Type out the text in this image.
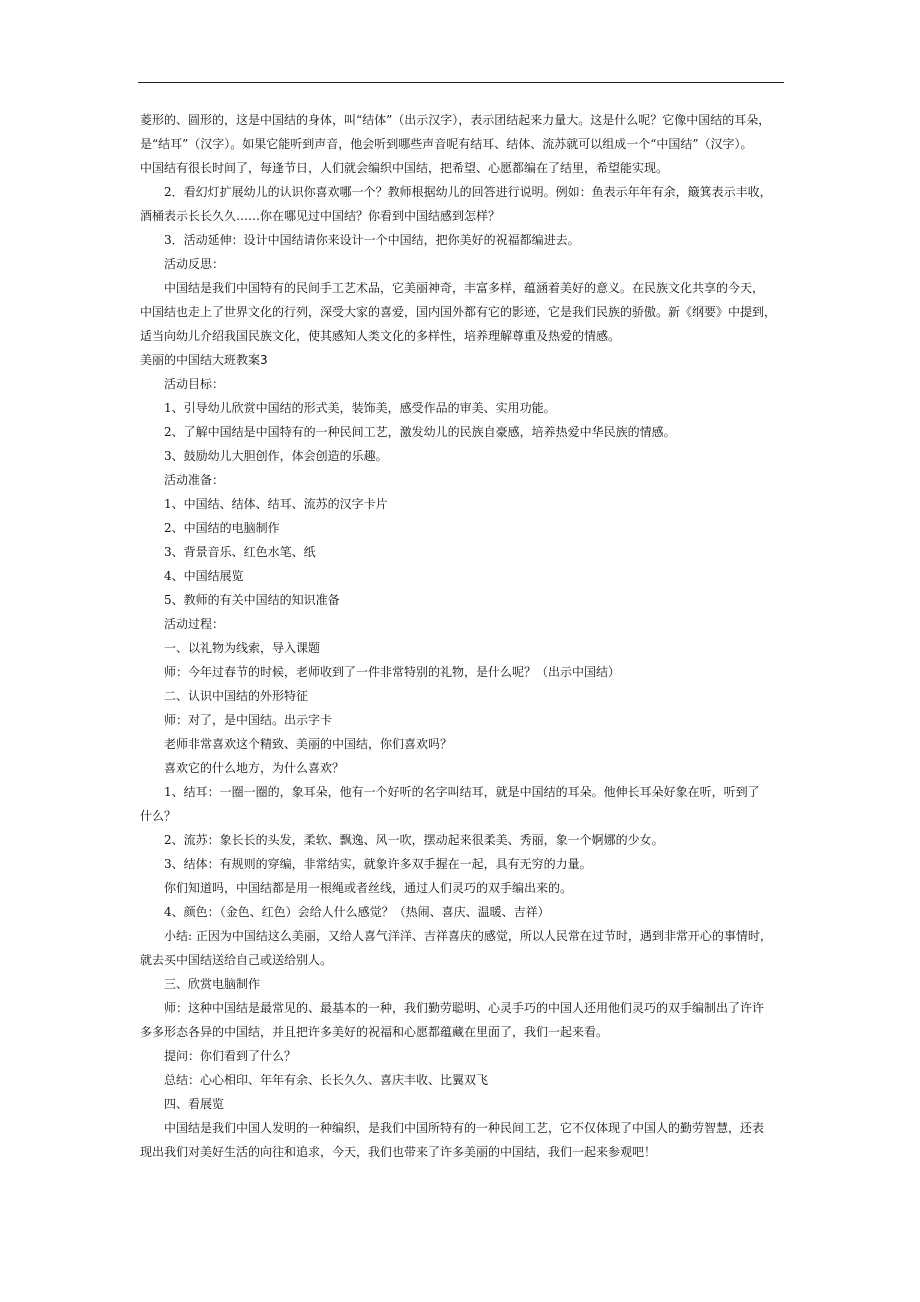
菱形的、圆形的，这是中国结的身体，叫“结体”（出示汉字），表示团结起来力量大。这是什么呢？它像中国结的耳朵，
是“结耳”（汉字）。如果它能听到声音，他会听到哪些声音呢有结耳、结体、流苏就可以组成一个“中国结”（汉字）。
中国结有很长时间了，每逢节日，人们就会编织中国结，把希望、心愿都编在了结里，希望能实现。
2．看幻灯扩展幼儿的认识你喜欢哪一个？教师根据幼儿的回答进行说明。例如：鱼表示年年有余，簸箕表示丰收，
酒桶表示长长久久……你在哪见过中国结？你看到中国结感到怎样？
3．活动延伸：设计中国结请你来设计一个中国结，把你美好的祝福都编进去。
活动反思：
中国结是我们中国特有的民间手工艺术品，它美丽神奇，丰富多样，蕴涵着美好的意义。在民族文化共享的今天，
中国结也走上了世界文化的行列，深受大家的喜爱，国内国外都有它的影迹，它是我们民族的骄傲。新《纲要》中提到，
适当向幼儿介绍我国民族文化，使其感知人类文化的多样性，培养理解尊重及热爱的情感。
美丽的中国结大班教案3
活动目标：
1、引导幼儿欣赏中国结的形式美，装饰美，感受作品的审美、实用功能。
2、了解中国结是中国特有的一种民间工艺，激发幼儿的民族自豪感，培养热爱中华民族的情感。
3、鼓励幼儿大胆创作，体会创造的乐趣。
活动准备：
1、中国结、结体、结耳、流苏的汉字卡片
2、中国结的电脑制作
3、背景音乐、红色水笔、纸
4、中国结展览
5、教师的有关中国结的知识准备
活动过程：
一、以礼物为线索，导入课题
师：今年过春节的时候，老师收到了一件非常特别的礼物，是什么呢？（出示中国结）
二、认识中国结的外形特征
师：对了，是中国结。出示字卡
老师非常喜欢这个精致、美丽的中国结，你们喜欢吗？
喜欢它的什么地方，为什么喜欢？
1、结耳：一圈一圈的，象耳朵，他有一个好听的名字叫结耳，就是中国结的耳朵。他伸长耳朵好象在听，听到了
什么？
2、流苏：象长长的头发，柔软、飘逸、风一吹，摆动起来很柔美、秀丽，象一个婀娜的少女。
3、结体：有规则的穿编，非常结实，就象许多双手握在一起，具有无穷的力量。
你们知道吗，中国结都是用一根绳或者丝线，通过人们灵巧的双手编出来的。
4、颜色：（金色、红色）会给人什么感觉？（热闹、喜庆、温暖、吉祥）
小结: 正因为中国结这么美丽，又给人喜气洋洋、吉祥喜庆的感觉，所以人民常在过节时，遇到非常开心的事情时，
就去买中国结送给自己或送给别人。
三、欣赏电脑制作
师：这种中国结是最常见的、最基本的一种，我们勤劳聪明、心灵手巧的中国人还用他们灵巧的双手编制出了许许
多多形态各异的中国结，并且把许多美好的祝福和心愿都蕴藏在里面了，我们一起来看。
提问：你们看到了什么？
总结：心心相印、年年有余、长长久久、喜庆丰收、比翼双飞
四、看展览
中国结是我们中国人发明的一种编织，是我们中国所特有的一种民间工艺，它不仅体现了中国人的勤劳智慧，还表
现出我们对美好生活的向往和追求，今天，我们也带来了许多美丽的中国结，我们一起来参观吧！
